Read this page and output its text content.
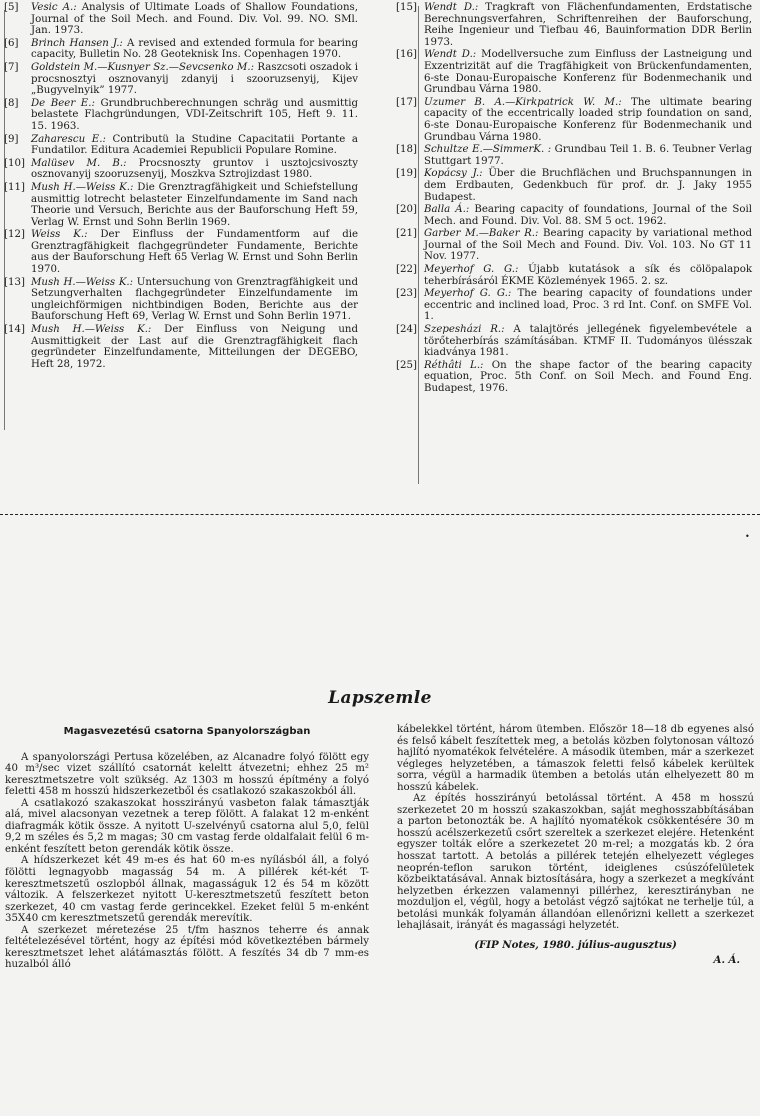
[5] Vesic A.: Analysis of Ultimate Loads of Shallow Foundations, Journal of the Soil Mech. and Found. Div. Vol. 99. NO. SMl. Jan. 1973.
[6] Brinch Hansen J.: A revised and extended formula for bearing capacity, Bulletin No. 28 Geoteknisk Ins. Copenhagen 1970.
[7] Goldstein M.—Kusnyer Sz.—Sevcsenko M.: Raszcsoti oszadok i procsnosztyi osznovanyij zdanyij i szooruzsenyij, Kijev „Bugyvelnyik” 1977.
[8] De Beer E.: Grundbruchberechnungen schräg und ausmittig belastete Flachgründungen, VDI-Zeitschrift 105, Heft 9. 11. 15. 1963.
[9] Zaharescu E.: Contributü la Studine Capacitatii Portante a Fundatilor. Editura Academiei Republicii Populare Romine.
[10] Malüsev M. B.: Procsnoszty gruntov i usztojcsivoszty osznovanyij szooruzsenyij, Moszkva Sztrojizdast 1980.
[11] Mush H.—Weiss K.: Die Grenztragfähigkeit und Schiefstellung ausmittig lotrecht belasteter Einzelfundamente im Sand nach Theorie und Versuch, Berichte aus der Bauforschung Heft 59, Verlag W. Ernst und Sohn Berlin 1969.
[12] Weiss K.: Der Einfluss der Fundamentform auf die Grenztragfähigkeit flachgegründeter Fundamente, Berichte aus der Bauforschung Heft 65 Verlag W. Ernst und Sohn Berlin 1970.
[13] Mush H.—Weiss K.: Untersuchung von Grenztragfähigkeit und Setzungverhalten flachgegründeter Einzelfundamente im ungleichförmigen nichtbindigen Boden, Berichte aus der Bauforschung Heft 69, Verlag W. Ernst und Sohn Berlin 1971.
[14] Mush H.—Weiss K.: Der Einfluss von Neigung und Ausmittigkeit der Last auf die Grenztragfähigkeit flach gegründeter Einzelfundamente, Mitteilungen der DEGEBO, Heft 28, 1972.
[15] Wendt D.: Tragkraft von Flächenfundamenten, Erdstatische Berechnungsverfahren, Schriftenreihen der Bauforschung, Reihe Ingenieur und Tiefbau 46, Bauinformation DDR Berlin 1973.
[16] Wendt D.: Modellversuche zum Einfluss der Lastneigung und Exzentrizität auf die Tragfähigkeit von Brückenfundamenten, 6-ste Donau-Europaische Konferenz für Bodenmechanik und Grundbau Várna 1980.
[17] Uzumer B. A.—Kirkpatrick W. M.: The ultimate bearing capacity of the eccentrically loaded strip foundation on sand, 6-ste Donau-Europaische Konferenz für Bodenmechanik und Grundbau Várna 1980.
[18] Schultze E.—SimmerK. : Grundbau Teil 1. B. 6. Teubner Verlag Stuttgart 1977.
[19] Kopácsy J.: Über die Bruchflächen und Bruchspannungen in dem Erdbauten, Gedenkbuch für prof. dr. J. Jaky 1955 Budapest.
[20] Balla Á.: Bearing capacity of foundations, Journal of the Soil Mech. and Found. Div. Vol. 88. SM 5 oct. 1962.
[21] Garber M.—Baker R.: Bearing capacity by variational method Journal of the Soil Mech and Found. Div. Vol. 103. No GT 11 Nov. 1977.
[22] Meyerhof G. G.: Újabb kutatások a sík és cölöpalapok teherbírásáról ÉKME Közlemények 1965. 2. sz.
[23] Meyerhof G. G.: The bearing capacity of foundations under eccentric and inclined load, Proc. 3 rd Int. Conf. on SMFE Vol. 1.
[24] Szepesházi R.: A talajtörés jellegének figyelembevétele a törőteherbírás számításában. KTMF II. Tudományos ülésszak kiadványa 1981.
[25] Réthâti L.: On the shape factor of the bearing capacity equation, Proc. 5th Conf. on Soil Mech. and Found Eng. Budapest, 1976.
•
Lapszemle
Magasvezetésű csatorna Spanyolországban

A spanyolországi Pertusa közelében, az Alcanadre folyó fölött egy 40 m³/sec vizet szállító csatornát keleltt átvezetni; ehhez 25 m² keresztmetszetre volt szükség. Az 1303 m hosszú építmény a folyó feletti 458 m hosszú hidszerkezetből és csatlakozó szakaszokból áll.

A csatlakozó szakaszokat hosszirányú vasbeton falak támasztják alá, mivel alacsonyan vezetnek a terep fölött. A falakat 12 m-enként diafragmák kötik össze. A nyitott U-szelvényű csatorna alul 5,0, felül 9,2 m széles és 5,2 m magas; 30 cm vastag ferde oldalfalait felül 6 m-enként feszített beton gerendák kötik össze.

A hídszerkezet két 49 m-es és hat 60 m-es nyílásból áll, a folyó fölötti legnagyobb magasság 54 m. A pillérek két-két T-keresztmetszetű oszlopból állnak, magasságuk 12 és 54 m között változik. A felszerkezet nyitott U-keresztmetszetű feszített beton szerkezet, 40 cm vastag ferde gerincekkel. Ezeket felül 5 m-enként 35X40 cm keresztmetszetű gerendák merevítik.

A szerkezet méretezése 25 t/fm hasznos teherre és annak feltételezésével történt, hogy az építési mód következtében bármely keresztmetszet lehet alátámasztás fölött. A feszítés 34 db 7 mm-es huzalból álló

kábelekkel történt, három ütemben. Először 18—18 db egyenes alsó és felső kábelt feszítettek meg, a betolás közben folytonosan változó hajlító nyomatékok felvételére. A második ütemben, már a szerkezet végleges helyzetében, a támaszok feletti felső kábelek kerültek sorra, végül a harmadik ütemben a betolás után elhelyezett 80 m hosszú kábelek.

Az építés hosszirányú betolással történt. A 458 m hosszú szerkezetet 20 m hosszú szakaszokban, saját meghosszabbításában a parton betonozták be. A hajlító nyomatékok csökkentésére 30 m hosszú acélszerkezetű csőrt szereltek a szerkezet elejére. Hetenként egyszer tolták előre a szerkezetet 20 m-rel; a mozgatás kb. 2 óra hosszat tartott. A betolás a pillérek tetején elhelyezett végleges neoprén-teflon sarukon történt, ideiglenes csúszófelületek közbeiktatásával. Annak biztosítására, hogy a szerkezet a megkívánt helyzetben érkezzen valamennyi pillérhez, keresztirányban ne mozduljon el, végül, hogy a betolást végző sajtókat ne terhelje túl, a betolási munkák folyamán állandóan ellenőrizni kellett a szerkezet lehajlásait, irányát és magassági helyzetét.

(FIP Notes, 1980. július-augusztus)
A. Á.
